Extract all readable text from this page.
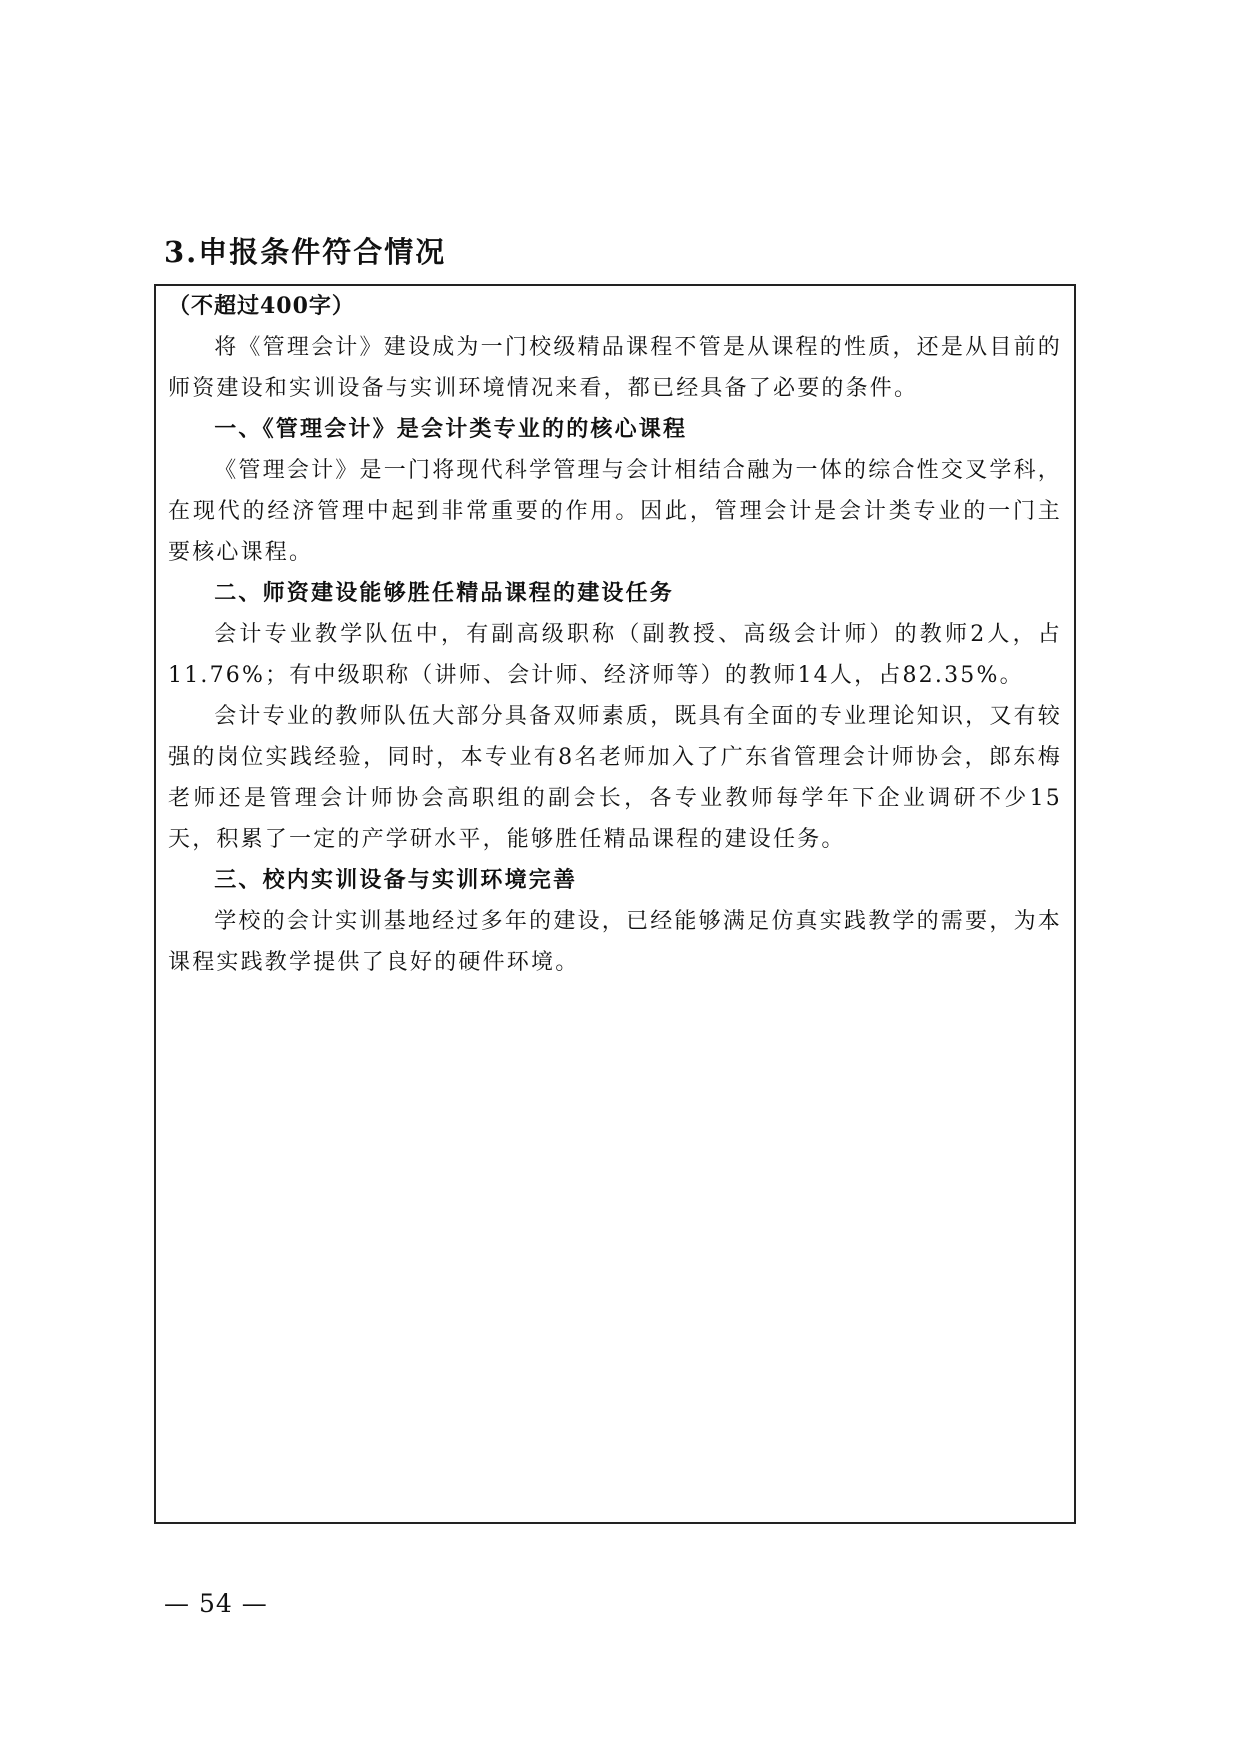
3.申报条件符合情况

（不超过400字）

将《管理会计》建设成为一门校级精品课程不管是从课程的性质，还是从目前的师资建设和实训设备与实训环境情况来看，都已经具备了必要的条件。

一、《管理会计》是会计类专业的的核心课程

《管理会计》是一门将现代科学管理与会计相结合融为一体的综合性交叉学科，在现代的经济管理中起到非常重要的作用。因此，管理会计是会计类专业的一门主要核心课程。

二、师资建设能够胜任精品课程的建设任务

会计专业教学队伍中，有副高级职称（副教授、高级会计师）的教师2人，占11.76%；有中级职称（讲师、会计师、经济师等）的教师14人，占82.35%。

会计专业的教师队伍大部分具备双师素质，既具有全面的专业理论知识，又有较强的岗位实践经验，同时，本专业有8名老师加入了广东省管理会计师协会，郎东梅老师还是管理会计师协会高职组的副会长，各专业教师每学年下企业调研不少15天，积累了一定的产学研水平，能够胜任精品课程的建设任务。

三、校内实训设备与实训环境完善

学校的会计实训基地经过多年的建设，已经能够满足仿真实践教学的需要，为本课程实践教学提供了良好的硬件环境。

— 54 —
